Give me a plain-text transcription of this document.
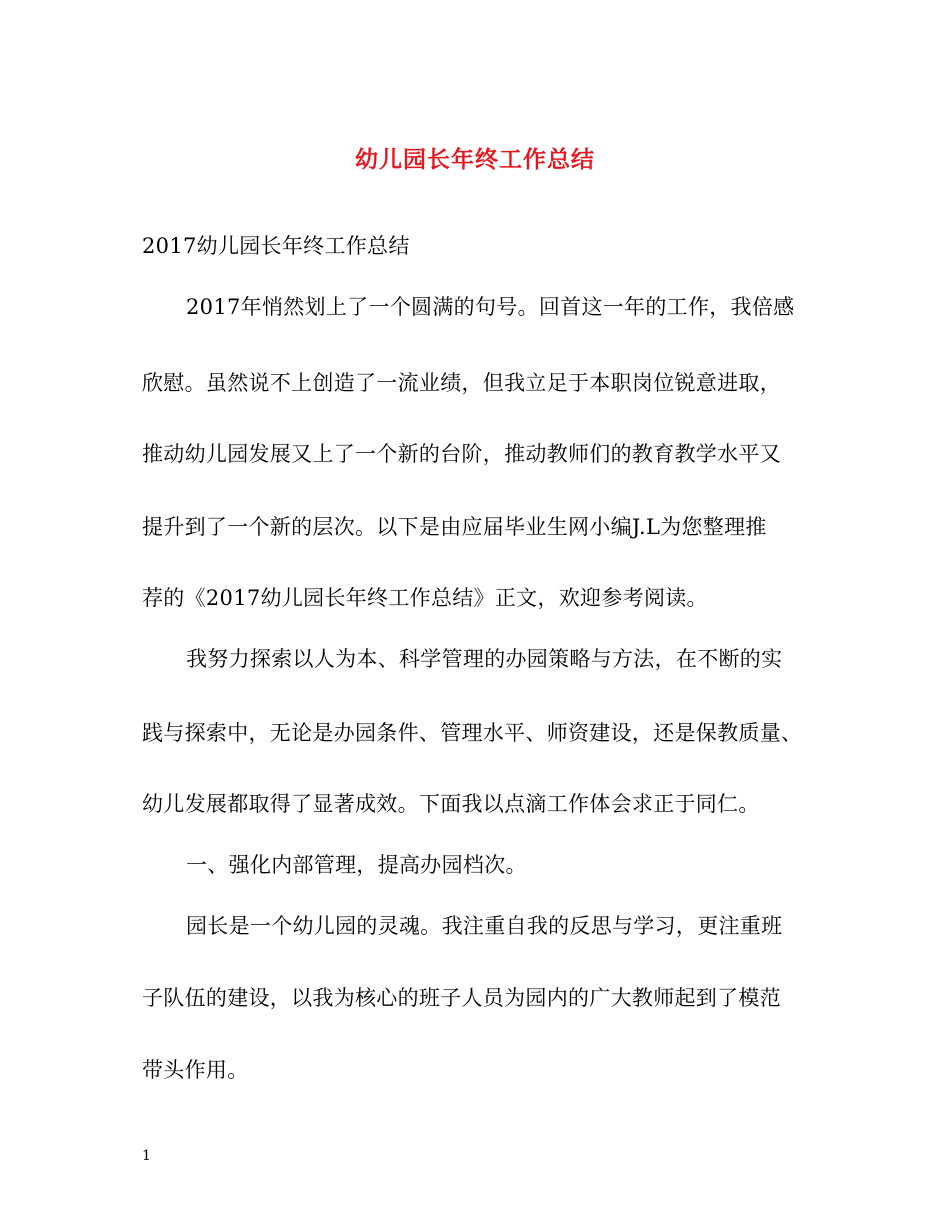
幼儿园长年终工作总结
2017幼儿园长年终工作总结
2017年悄然划上了一个圆满的句号。回首这一年的工作，我倍感
欣慰。虽然说不上创造了一流业绩，但我立足于本职岗位锐意进取，
推动幼儿园发展又上了一个新的台阶，推动教师们的教育教学水平又
提升到了一个新的层次。以下是由应届毕业生网小编J.L为您整理推
荐的《2017幼儿园长年终工作总结》正文，欢迎参考阅读。
我努力探索以人为本、科学管理的办园策略与方法，在不断的实
践与探索中，无论是办园条件、管理水平、师资建设，还是保教质量、
幼儿发展都取得了显著成效。下面我以点滴工作体会求正于同仁。
一、强化内部管理，提高办园档次。
园长是一个幼儿园的灵魂。我注重自我的反思与学习，更注重班
子队伍的建设，以我为核心的班子人员为园内的广大教师起到了模范
带头作用。
1
